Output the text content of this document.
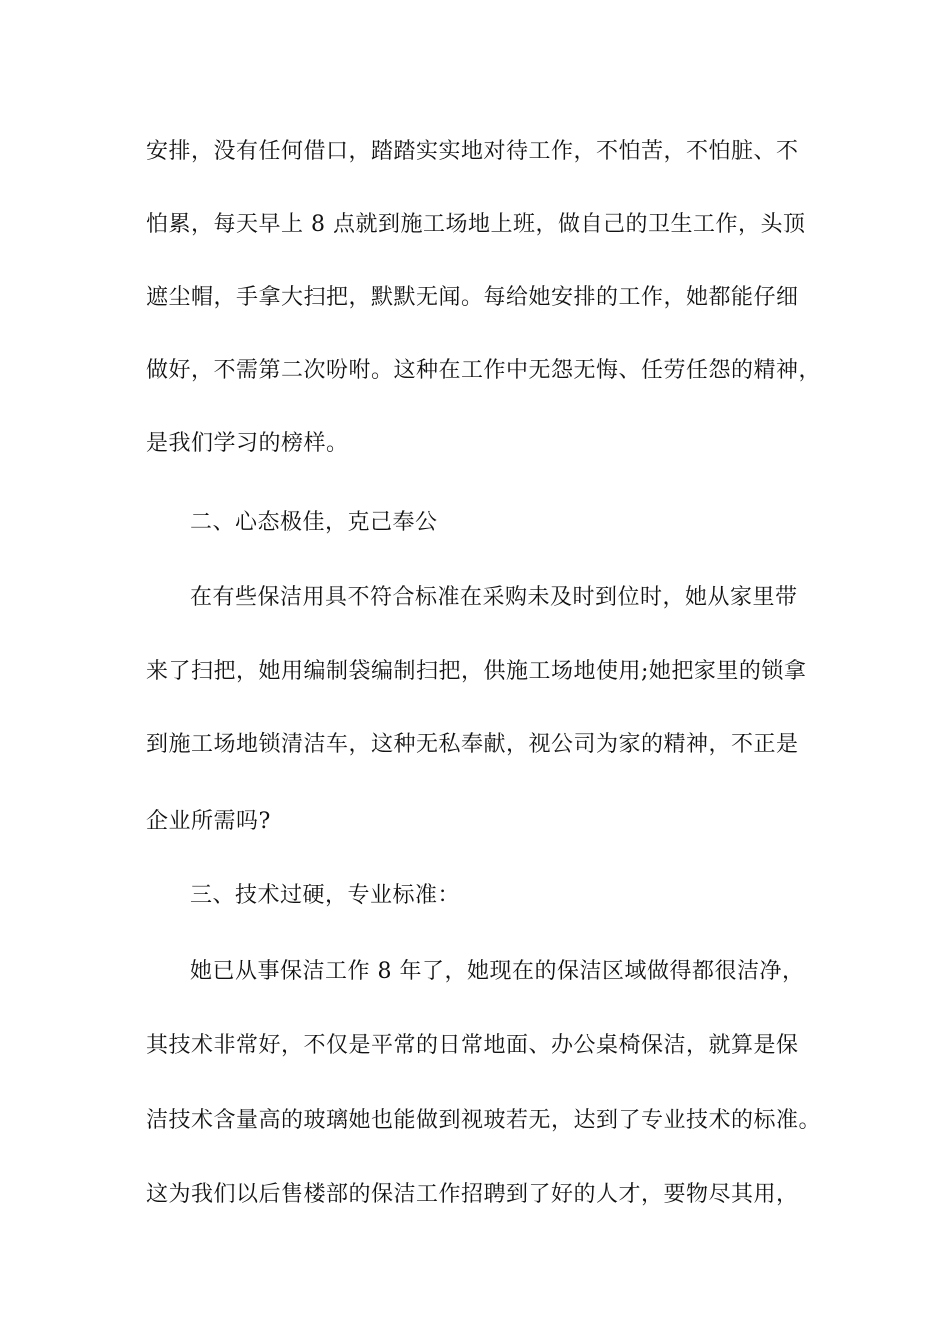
安排，没有任何借口，踏踏实实地对待工作，不怕苦，不怕脏、不
怕累，每天早上 8 点就到施工场地上班，做自己的卫生工作，头顶
遮尘帽，手拿大扫把，默默无闻。每给她安排的工作，她都能仔细
做好，不需第二次吩咐。这种在工作中无怨无悔、任劳任怨的精神，
是我们学习的榜样。
二、心态极佳，克己奉公
在有些保洁用具不符合标准在采购未及时到位时，她从家里带
来了扫把，她用编制袋编制扫把，供施工场地使用;她把家里的锁拿
到施工场地锁清洁车，这种无私奉献，视公司为家的精神，不正是
企业所需吗?
三、技术过硬，专业标准：
她已从事保洁工作 8 年了，她现在的保洁区域做得都很洁净，
其技术非常好，不仅是平常的日常地面、办公桌椅保洁，就算是保
洁技术含量高的玻璃她也能做到视玻若无，达到了专业技术的标准。
这为我们以后售楼部的保洁工作招聘到了好的人才，要物尽其用，
